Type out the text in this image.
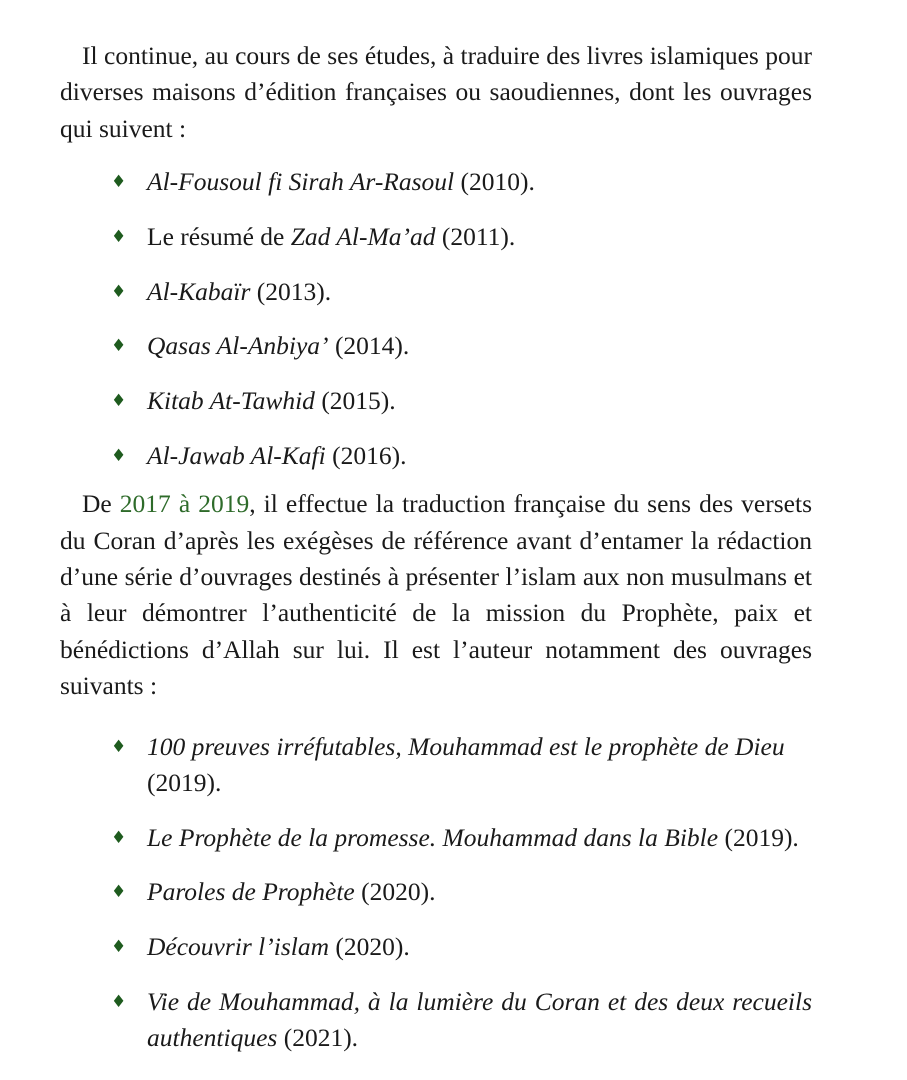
Il continue, au cours de ses études, à traduire des livres islamiques pour diverses maisons d’édition françaises ou saoudiennes, dont les ouvrages qui suivent :

♦ Al-Fousoul fi Sirah Ar-Rasoul (2010).
♦ Le résumé de Zad Al-Ma’ad (2011).
♦ Al-Kabaïr (2013).
♦ Qasas Al-Anbiya’ (2014).
♦ Kitab At-Tawhid (2015).
♦ Al-Jawab Al-Kafi (2016).

De 2017 à 2019, il effectue la traduction française du sens des versets du Coran d’après les exégèses de référence avant d’entamer la rédaction d’une série d’ouvrages destinés à présenter l’islam aux non musulmans et à leur démontrer l’authenticité de la mission du Prophète, paix et bénédictions d’Allah sur lui. Il est l’auteur notamment des ouvrages suivants :

♦ 100 preuves irréfutables, Mouhammad est le prophète de Dieu (2019).
♦ Le Prophète de la promesse. Mouhammad dans la Bible (2019).
♦ Paroles de Prophète (2020).
♦ Découvrir l’islam (2020).
♦ Vie de Mouhammad, à la lumière du Coran et des deux recueils authentiques (2021).
